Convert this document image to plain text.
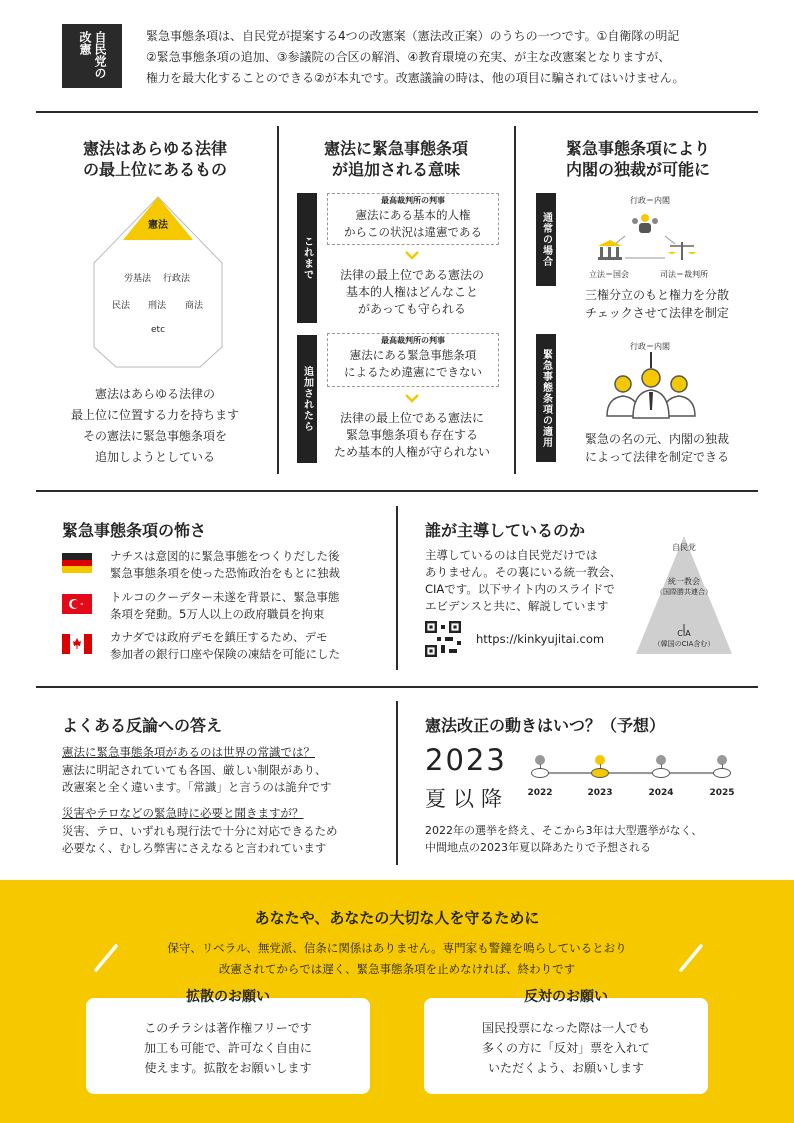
自民党の改憲	緊急事態条項は、自民党が提案する4つの改憲案（憲法改正案）のうちの一つです。①自衛隊の明記
②緊急事態条項の追加、③参議院の合区の解消、④教育環境の充実、が主な改憲案となりますが、
権力を最大化することのできる②が本丸です。改憲議論の時は、他の項目に騙されてはいけません。
憲法はあらゆる法律
の最上位にあるもの
憲法
労基法 行政法
民法 刑法 商法
etc
憲法はあらゆる法律の
最上位に位置する力を持ちます
その憲法に緊急事態条項を
追加しようとしている
憲法に緊急事態条項
が追加される意味
これまで
最高裁判所の判事
憲法にある基本的人権
からこの状況は違憲である
法律の最上位である憲法の
基本的人権はどんなこと
があっても守られる
追加されたら
最高裁判所の判事
憲法にある緊急事態条項
によるため違憲にできない
法律の最上位である憲法に
緊急事態条項も存在する
ため基本的人権が守られない
緊急事態条項により
内閣の独裁が可能に
通常の場合
行政＝内閣
立法＝国会	司法＝裁判所
三権分立のもと権力を分散
チェックさせて法律を制定
緊急事態条項の適用
行政＝内閣
緊急の名の元、内閣の独裁
によって法律を制定できる
緊急事態条項の怖さ
ナチスは意図的に緊急事態をつくりだした後
緊急事態条項を使った恐怖政治をもとに独裁
トルコのクーデター未遂を背景に、緊急事態
条項を発動。5万人以上の政府職員を拘束
カナダでは政府デモを鎮圧するため、デモ
参加者の銀行口座や保険の凍結を可能にした
誰が主導しているのか
主導しているのは自民党だけでは
ありません。その裏にいる統一教会、
CIAです。以下サイト内のスライドで
エビデンスと共に、解説しています
https://kinkyujitai.com
自民党
統一教会
（国際勝共連合）
CIA
（韓国のCIA含む）
よくある反論への答え
憲法に緊急事態条項があるのは世界の常識では？
憲法に明記されていても各国、厳しい制限があり、
改憲案と全く違います。「常識」と言うのは詭弁です
災害やテロなどの緊急時に必要と聞きますが？
災害、テロ、いずれも現行法で十分に対応できるため
必要なく、むしろ弊害にさえなると言われています
憲法改正の動きはいつ？（予想）
2023
夏以降	2022	2023	2024	2025
2022年の選挙を終え、そこから3年は大型選挙がなく、
中間地点の2023年夏以降あたりで予想される
あなたや、あなたの大切な人を守るために
保守、リベラル、無党派、信条に関係はありません。専門家も警鐘を鳴らしているとおり
改憲されてからでは遅く、緊急事態条項を止めなければ、終わりです
拡散のお願い
このチラシは著作権フリーです
加工も可能で、許可なく自由に
使えます。拡散をお願いします
反対のお願い
国民投票になった際は一人でも
多くの方に「反対」票を入れて
いただくよう、お願いします
